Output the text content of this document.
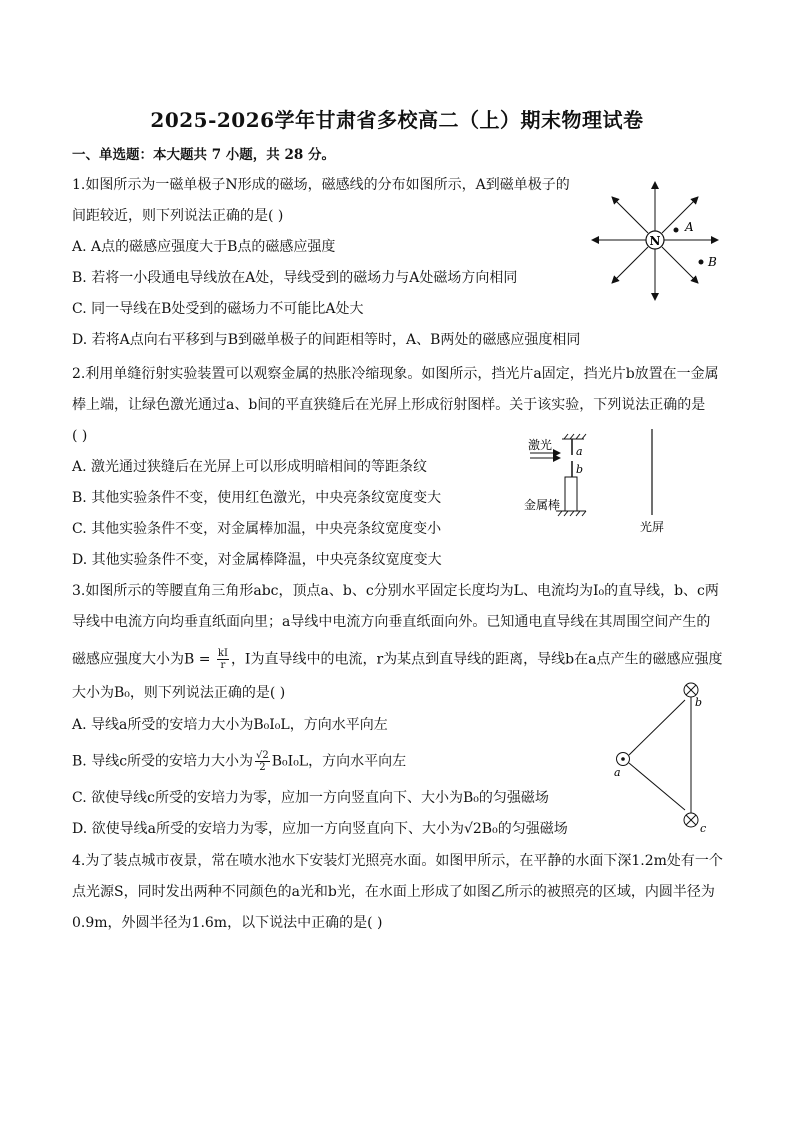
2025-2026学年甘肃省多校高二（上）期末物理试卷
一、单选题：本大题共 7 小题，共 28 分。
1.如图所示为一磁单极子N形成的磁场，磁感线的分布如图所示，A到磁单极子的
间距较近，则下列说法正确的是( )
A. A点的磁感应强度大于B点的磁感应强度
B. 若将一小段通电导线放在A处，导线受到的磁场力与A处磁场方向相同
C. 同一导线在B处受到的磁场力不可能比A处大
D. 若将A点向右平移到与B到磁单极子的间距相等时，A、B两处的磁感应强度相同
N
A
B
2.利用单缝衍射实验装置可以观察金属的热胀冷缩现象。如图所示，挡光片a固定，挡光片b放置在一金属
棒上端，让绿色激光通过a、b间的平直狭缝后在光屏上形成衍射图样。关于该实验，下列说法正确的是
( )
A. 激光通过狭缝后在光屏上可以形成明暗相间的等距条纹
B. 其他实验条件不变，使用红色激光，中央亮条纹宽度变大
C. 其他实验条件不变，对金属棒加温，中央亮条纹宽度变小
D. 其他实验条件不变，对金属棒降温，中央亮条纹宽度变大
激光 a
b
金属棒
光屏
3.如图所示的等腰直角三角形abc，顶点a、b、c分别水平固定长度均为L、电流均为I₀的直导线，b、c两
导线中电流方向均垂直纸面向里；a导线中电流方向垂直纸面向外。已知通电直导线在其周围空间产生的
磁感应强度大小为$B = \frac{kI}{r}$ ，I为直导线中的电流，r为某点到直导线的距离，导线b在a点产生的磁感应强度
大小为B₀，则下列说法正确的是( )
A. 导线a所受的安培力大小为B₀I₀L，方向水平向左
B. 导线c所受的安培力大小为 $\frac{√2}{2} B_0I_0L$，方向水平向左
C. 欲使导线c所受的安培力为零，应加一方向竖直向下、大小为B₀的匀强磁场
D. 欲使导线a所受的安培力为零，应加一方向竖直向下、大小为√2B₀的匀强磁场
b
a
c
4.为了装点城市夜景，常在喷水池水下安装灯光照亮水面。如图甲所示，在平静的水面下深1.2m处有一个
点光源S，同时发出两种不同颜色的a光和b光，在水面上形成了如图乙所示的被照亮的区域，内圆半径为
0.9m，外圆半径为1.6m，以下说法中正确的是( )
